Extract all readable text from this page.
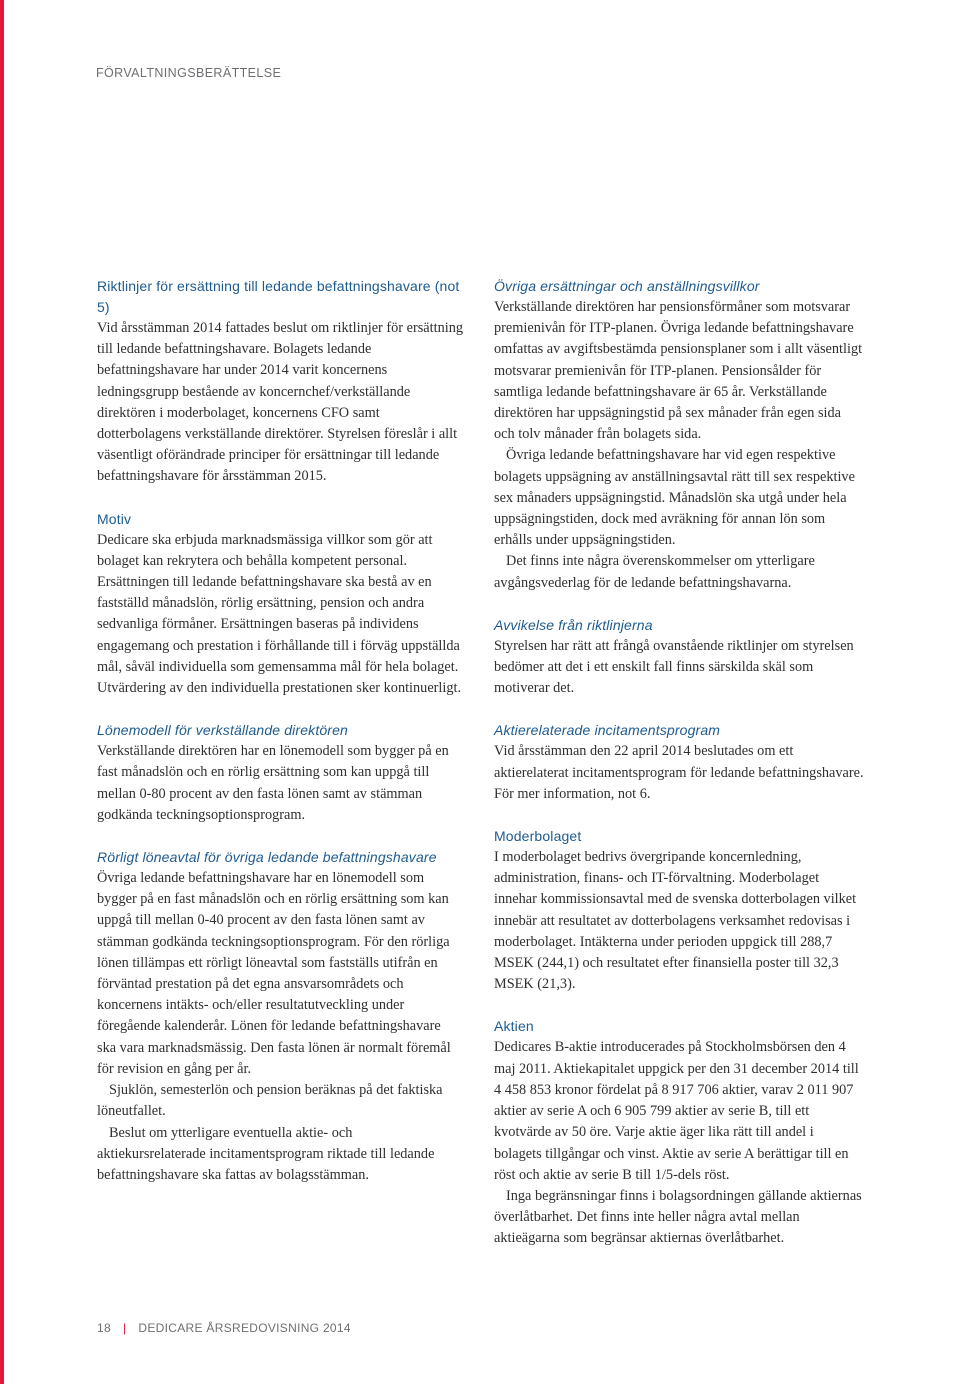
FÖRVALTNINGSBERÄTTELSE
Riktlinjer för ersättning till ledande befattningshavare (not 5)

Vid årsstämman 2014 fattades beslut om riktlinjer för ersättning till ledande befattningshavare. Bolagets ledande befattningshavare har under 2014 varit koncernens ledningsgrupp bestående av koncernchef/verkställande direktören i moderbolaget, koncernens CFO samt dotterbolagens verkställande direktörer. Styrelsen föreslår i allt väsentligt oförändrade principer för ersättningar till ledande befattningshavare för årsstämman 2015.

Motiv

Dedicare ska erbjuda marknadsmässiga villkor som gör att bolaget kan rekrytera och behålla kompetent personal. Ersättningen till ledande befattningshavare ska bestå av en fastställd månadslön, rörlig ersättning, pension och andra sedvanliga förmåner. Ersättningen baseras på individens engagemang och prestation i förhållande till i förväg uppställda mål, såväl individuella som gemensamma mål för hela bolaget. Utvärdering av den individuella prestationen sker kontinuerligt.

Lönemodell för verkställande direktören

Verkställande direktören har en lönemodell som bygger på en fast månadslön och en rörlig ersättning som kan uppgå till mellan 0-80 procent av den fasta lönen samt av stämman godkända teckningsoptionsprogram.

Rörligt löneavtal för övriga ledande befattningshavare

Övriga ledande befattningshavare har en lönemodell som bygger på en fast månadslön och en rörlig ersättning som kan uppgå till mellan 0-40 procent av den fasta lönen samt av stämman godkända teckningsoptionsprogram. För den rörliga lönen tillämpas ett rörligt löneavtal som fastställs utifrån en förväntad prestation på det egna ansvarsområdets och koncernens intäkts- och/eller resultatutveckling under föregående kalenderår. Lönen för ledande befattningshavare ska vara marknadsmässig. Den fasta lönen är normalt föremål för revision en gång per år.

Sjuklön, semesterlön och pension beräknas på det faktiska löneutfallet.

Beslut om ytterligare eventuella aktie- och aktiekursrelaterade incitamentsprogram riktade till ledande befattningshavare ska fattas av bolagsstämman.

Övriga ersättningar och anställningsvillkor

Verkställande direktören har pensionsförmåner som motsvarar premienivån för ITP-planen. Övriga ledande befattningshavare omfattas av avgiftsbestämda pensionsplaner som i allt väsentligt motsvarar premienivån för ITP-planen. Pensionsålder för samtliga ledande befattningshavare är 65 år. Verkställande direktören har uppsägningstid på sex månader från egen sida och tolv månader från bolagets sida.

Övriga ledande befattningshavare har vid egen respektive bolagets uppsägning av anställningsavtal rätt till sex respektive sex månaders uppsägningstid. Månadslön ska utgå under hela uppsägningstiden, dock med avräkning för annan lön som erhålls under uppsägningstiden.

Det finns inte några överenskommelser om ytterligare avgångsvederlag för de ledande befattningshavarna.

Avvikelse från riktlinjerna

Styrelsen har rätt att frångå ovanstående riktlinjer om styrelsen bedömer att det i ett enskilt fall finns särskilda skäl som motiverar det.

Aktierelaterade incitamentsprogram

Vid årsstämman den 22 april 2014 beslutades om ett aktierelaterat incitamentsprogram för ledande befattningshavare. För mer information, not 6.

Moderbolaget

I moderbolaget bedrivs övergripande koncernledning, administration, finans- och IT-förvaltning. Moderbolaget innehar kommissionsavtal med de svenska dotterbolagen vilket innebär att resultatet av dotterbolagens verksamhet redovisas i moderbolaget. Intäkterna under perioden uppgick till 288,7 MSEK (244,1) och resultatet efter finansiella poster till 32,3 MSEK (21,3).

Aktien

Dedicares B-aktie introducerades på Stockholmsbörsen den 4 maj 2011. Aktiekapitalet uppgick per den 31 december 2014 till 4 458 853 kronor fördelat på 8 917 706 aktier, varav 2 011 907 aktier av serie A och 6 905 799 aktier av serie B, till ett kvotvärde av 50 öre. Varje aktie äger lika rätt till andel i bolagets tillgångar och vinst. Aktie av serie A berättigar till en röst och aktie av serie B till 1/5-dels röst.

Inga begränsningar finns i bolagsordningen gällande aktiernas överlåtbarhet. Det finns inte heller några avtal mellan aktieägarna som begränsar aktiernas överlåtbarhet.

18 | DEDICARE ÅRSREDOVISNING 2014
